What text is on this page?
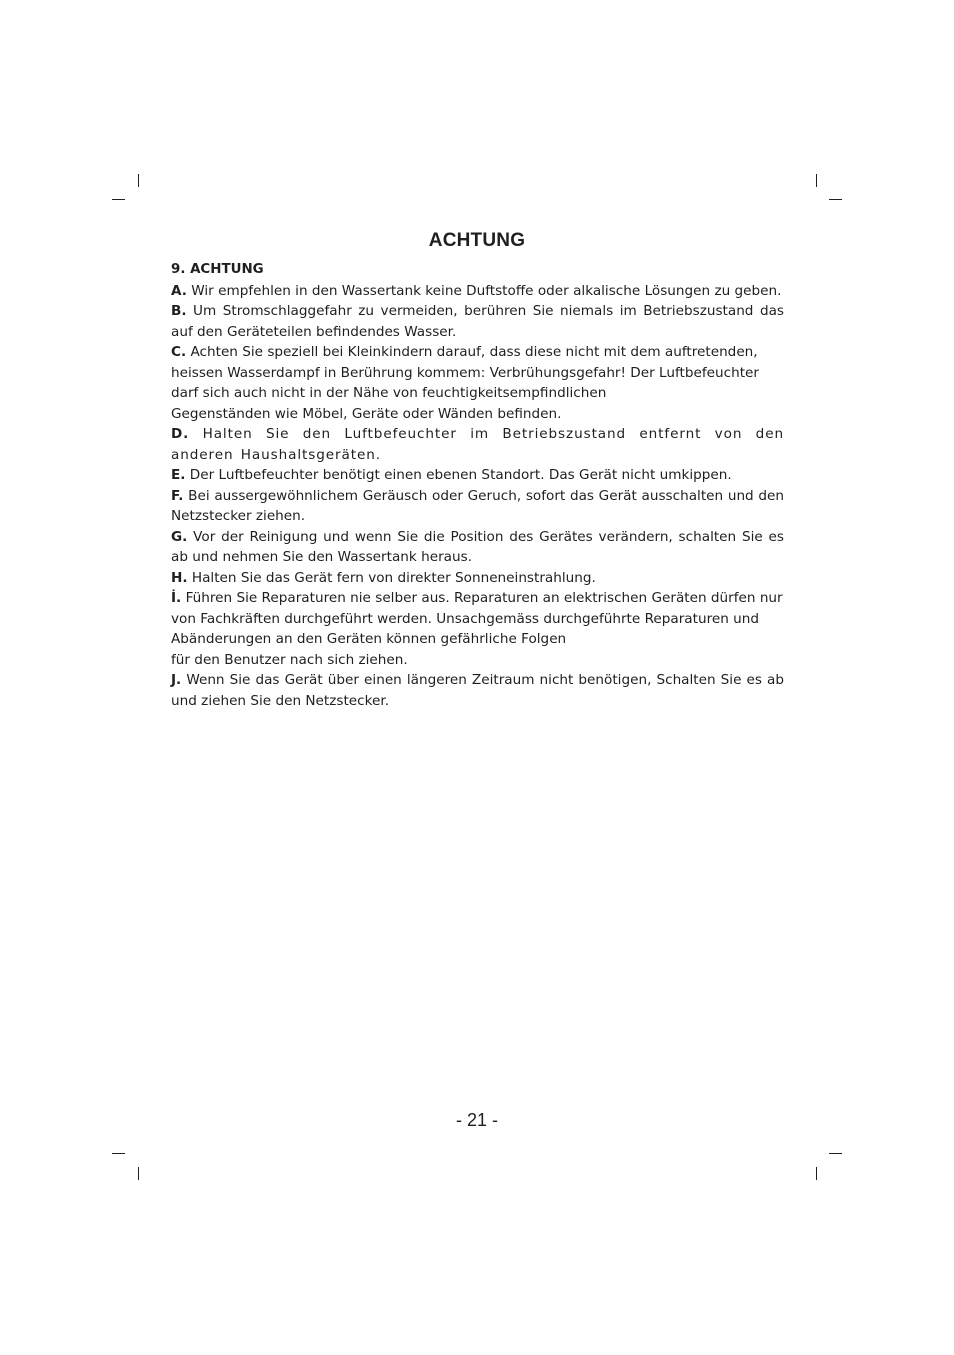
ACHTUNG
9. ACHTUNG

A. Wir empfehlen in den Wassertank keine Duftstoffe oder alkalische Lösungen zu geben.

B. Um Stromschlaggefahr zu vermeiden, berühren Sie niemals im Betriebszustand das auf den Geräteteilen befindendes Wasser.

C. Achten Sie speziell bei Kleinkindern darauf, dass diese nicht mit dem auftretenden, heissen Wasserdampf in Berührung kommem: Verbrühungsgefahr! Der Luftbefeuchter darf sich auch nicht in der Nähe von feuchtigkeitsempfindlichen
Gegenständen wie Möbel, Geräte oder Wänden befinden.

D. Halten Sie den Luftbefeuchter im Betriebszustand entfernt von den anderen Haushaltsgeräten.

E. Der Luftbefeuchter benötigt einen ebenen Standort. Das Gerät nicht umkippen.

F. Bei aussergewöhnlichem Geräusch oder Geruch, sofort das Gerät ausschalten und den Netzstecker ziehen.

G. Vor der Reinigung und wenn Sie die Position des Gerätes verändern, schalten Sie es ab und nehmen Sie den Wassertank heraus.

H. Halten Sie das Gerät fern von direkter Sonneneinstrahlung.

İ. Führen Sie Reparaturen nie selber aus. Reparaturen an elektrischen Geräten dürfen nur von Fachkräften durchgeführt werden. Unsachgemäss durchgeführte Reparaturen und Abänderungen an den Geräten können gefährliche Folgen
für den Benutzer nach sich ziehen.

J. Wenn Sie das Gerät über einen längeren Zeitraum nicht benötigen, Schalten Sie es ab und ziehen Sie den Netzstecker.

- 21 -
